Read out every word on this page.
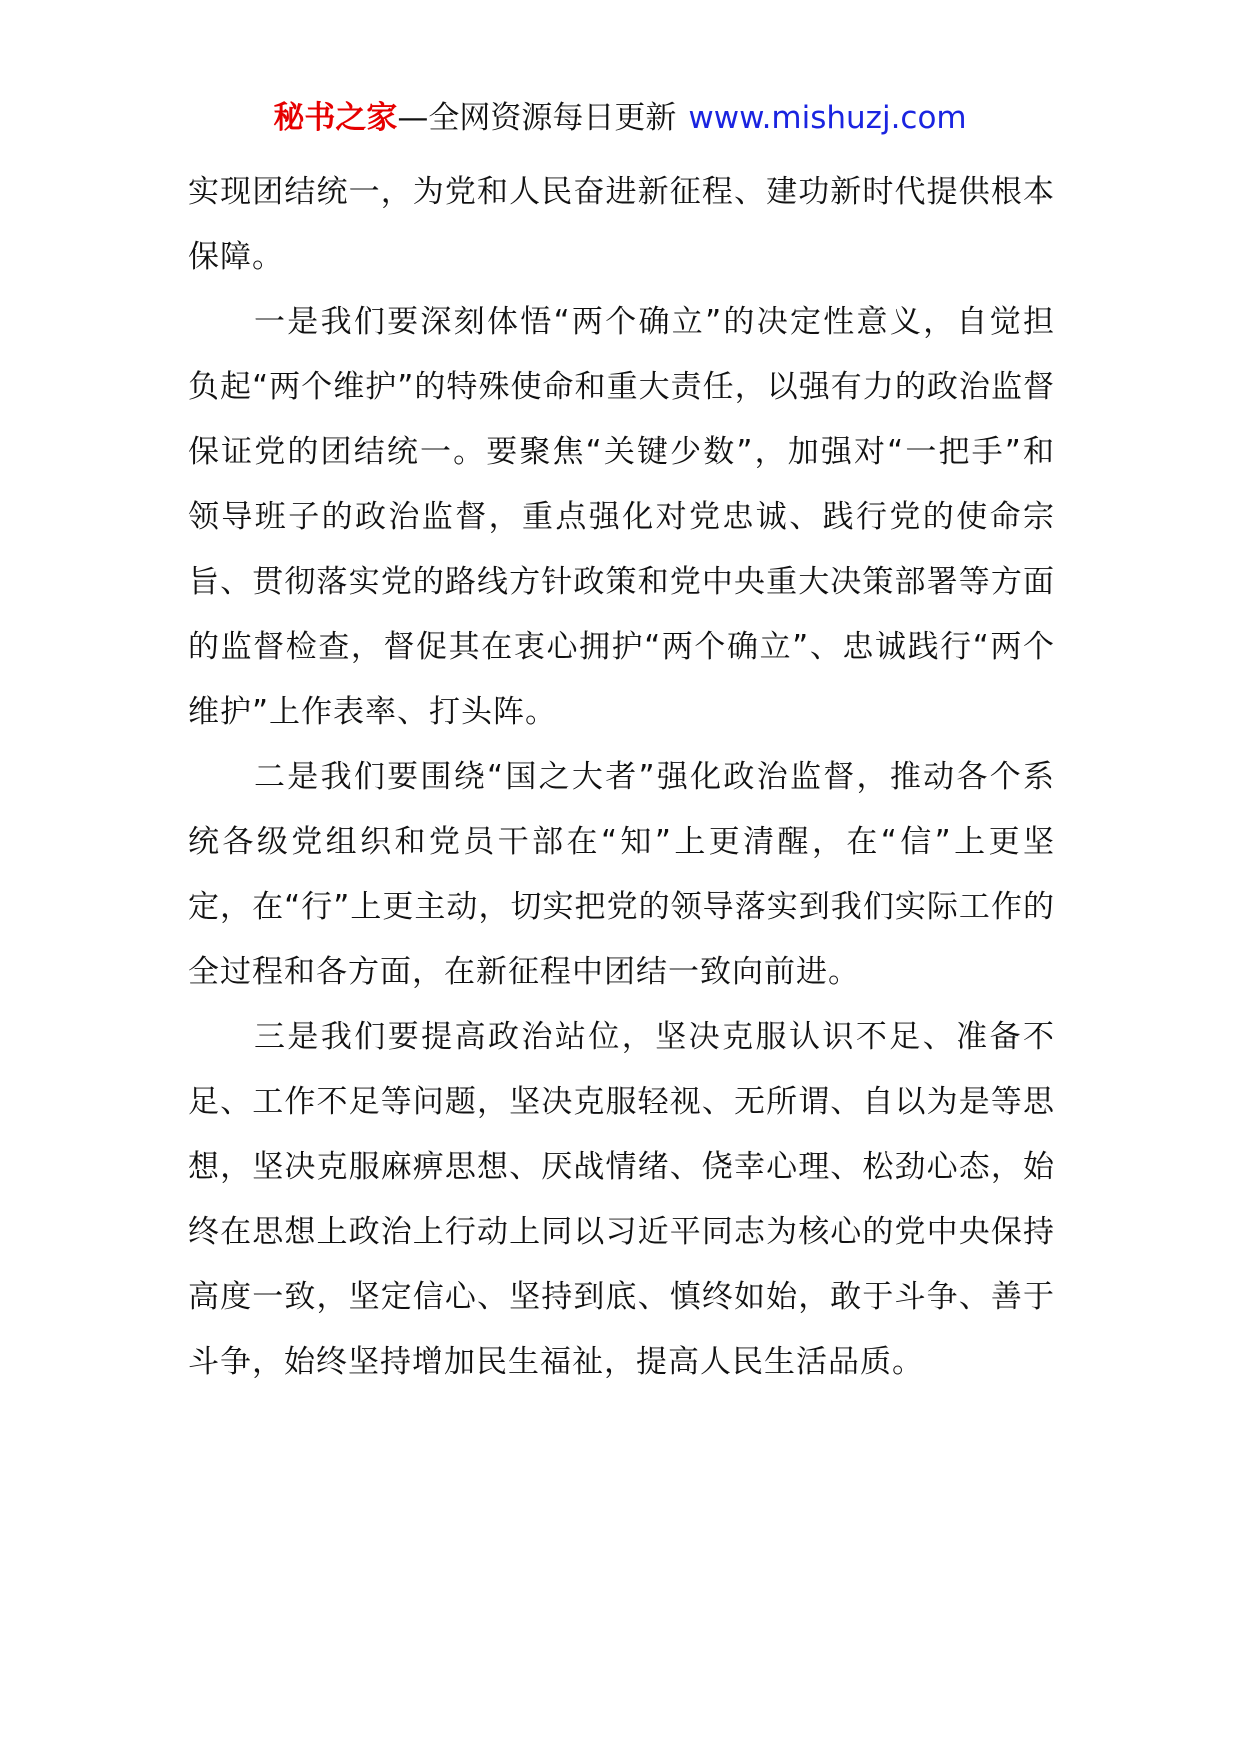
秘书之家—全网资源每日更新 www.mishuzj.com

实现团结统一，为党和人民奋进新征程、建功新时代提供根本保障。

一是我们要深刻体悟“两个确立”的决定性意义，自觉担负起“两个维护”的特殊使命和重大责任，以强有力的政治监督保证党的团结统一。要聚焦“关键少数”，加强对“一把手”和领导班子的政治监督，重点强化对党忠诚、践行党的使命宗旨、贯彻落实党的路线方针政策和党中央重大决策部署等方面的监督检查，督促其在衷心拥护“两个确立”、忠诚践行“两个维护”上作表率、打头阵。

二是我们要围绕“国之大者”强化政治监督，推动各个系统各级党组织和党员干部在“知”上更清醒，在“信”上更坚定，在“行”上更主动，切实把党的领导落实到我们实际工作的全过程和各方面，在新征程中团结一致向前进。

三是我们要提高政治站位，坚决克服认识不足、准备不足、工作不足等问题，坚决克服轻视、无所谓、自以为是等思想，坚决克服麻痹思想、厌战情绪、侥幸心理、松劲心态，始终在思想上政治上行动上同以习近平同志为核心的党中央保持高度一致，坚定信心、坚持到底、慎终如始，敢于斗争、善于斗争，始终坚持增加民生福祉，提高人民生活品质。
